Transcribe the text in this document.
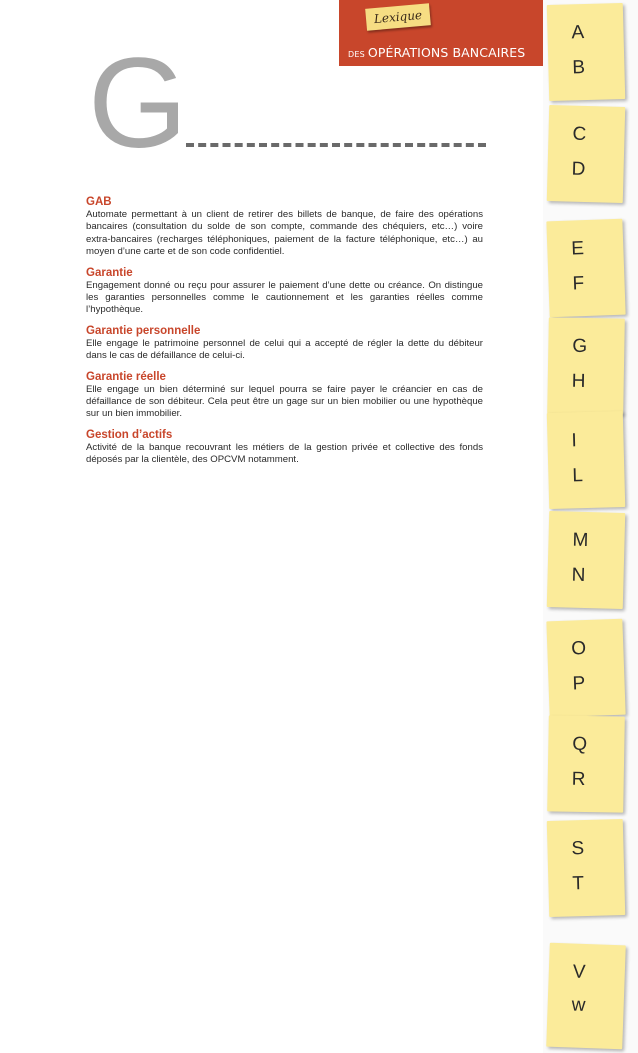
Lexique
DES OPÉRATIONS BANCAIRES
G
GAB
Automate permettant à un client de retirer des billets de banque, de faire des opérations bancaires (consultation du solde de son compte, commande des chéquiers, etc…) voire extra-bancaires (recharges téléphoniques, paiement de la facture téléphonique, etc…) au moyen d’une carte et de son code confidentiel.
Garantie
Engagement donné ou reçu pour assurer le paiement d’une dette ou créance. On distingue les garanties personnelles comme le cautionnement et les garanties réelles comme l’hypothèque.
Garantie personnelle
Elle engage le patrimoine personnel de celui qui a accepté de régler la dette du débiteur dans le cas de défaillance de celui-ci.
Garantie réelle
Elle engage un bien déterminé sur lequel pourra se faire payer le créancier en cas de défaillance de son débiteur. Cela peut être un gage sur un bien mobilier ou une hypothèque sur un bien immobilier.
Gestion d’actifs
Activité de la banque recouvrant les métiers de la gestion privée et collective des fonds déposés par la clientèle, des OPCVM notamment.
A
B
C
D
E
F
G
H
I
L
M
N
O
P
Q
R
S
T
V
w
